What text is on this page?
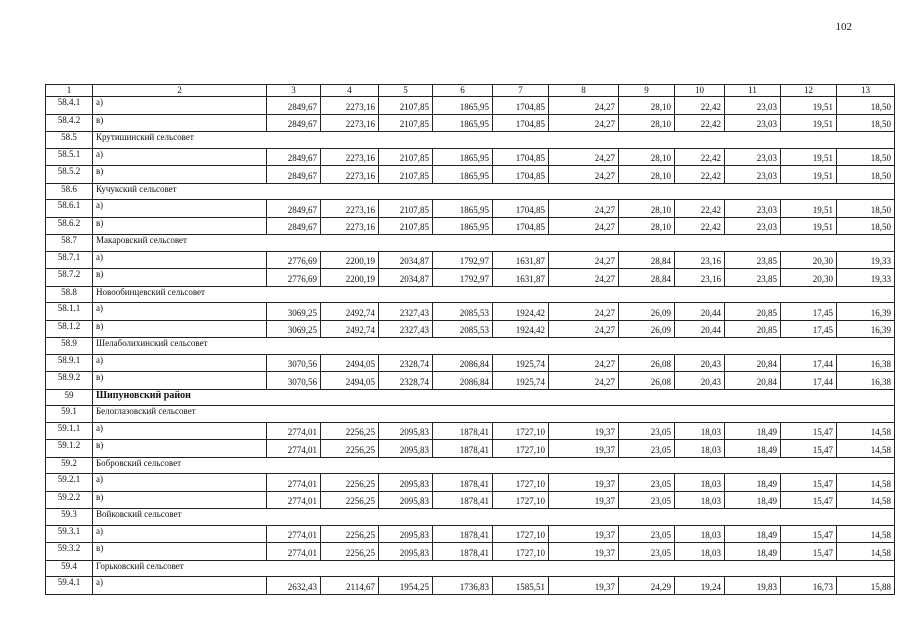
102
1	2	3	4	5	6	7	8	9	10	11	12	13
58.4.1	а)	2849,67	2273,16	2107,85	1865,95	1704,85	24,27	28,10	22,42	23,03	19,51	18,50
58.4.2	в)	2849,67	2273,16	2107,85	1865,95	1704,85	24,27	28,10	22,42	23,03	19,51	18,50
58.5	Крутишинский сельсовет											
58.5.1	а)	2849,67	2273,16	2107,85	1865,95	1704,85	24,27	28,10	22,42	23,03	19,51	18,50
58.5.2	в)	2849,67	2273,16	2107,85	1865,95	1704,85	24,27	28,10	22,42	23,03	19,51	18,50
58.6	Кучукский сельсовет											
58.6.1	а)	2849,67	2273,16	2107,85	1865,95	1704,85	24,27	28,10	22,42	23,03	19,51	18,50
58.6.2	в)	2849,67	2273,16	2107,85	1865,95	1704,85	24,27	28,10	22,42	23,03	19,51	18,50
58.7	Макаровский сельсовет											
58.7.1	а)	2776,69	2200,19	2034,87	1792,97	1631,87	24,27	28,84	23,16	23,85	20,30	19,33
58.7.2	в)	2776,69	2200,19	2034,87	1792,97	1631,87	24,27	28,84	23,16	23,85	20,30	19,33
58.8	Новообинцевский сельсовет											
58.1.1	а)	3069,25	2492,74	2327,43	2085,53	1924,42	24,27	26,09	20,44	20,85	17,45	16,39
58.1.2	в)	3069,25	2492,74	2327,43	2085,53	1924,42	24,27	26,09	20,44	20,85	17,45	16,39
58.9	Шелаболихинский сельсовет											
58.9.1	а)	3070,56	2494,05	2328,74	2086,84	1925,74	24,27	26,08	20,43	20,84	17,44	16,38
58.9.2	в)	3070,56	2494,05	2328,74	2086,84	1925,74	24,27	26,08	20,43	20,84	17,44	16,38
59	Шипуновский район											
59.1	Белоглазовский сельсовет											
59.1.1	а)	2774,01	2256,25	2095,83	1878,41	1727,10	19,37	23,05	18,03	18,49	15,47	14,58
59.1.2	в)	2774,01	2256,25	2095,83	1878,41	1727,10	19,37	23,05	18,03	18,49	15,47	14,58
59.2	Бобровский сельсовет											
59.2.1	а)	2774,01	2256,25	2095,83	1878,41	1727,10	19,37	23,05	18,03	18,49	15,47	14,58
59.2.2	в)	2774,01	2256,25	2095,83	1878,41	1727,10	19,37	23,05	18,03	18,49	15,47	14,58
59.3	Войковский сельсовет											
59.3.1	а)	2774,01	2256,25	2095,83	1878,41	1727,10	19,37	23,05	18,03	18,49	15,47	14,58
59.3.2	в)	2774,01	2256,25	2095,83	1878,41	1727,10	19,37	23,05	18,03	18,49	15,47	14,58
59.4	Горьковский сельсовет											
59.4.1	а)	2632,43	2114,67	1954,25	1736,83	1585,51	19,37	24,29	19,24	19,83	16,73	15,88
